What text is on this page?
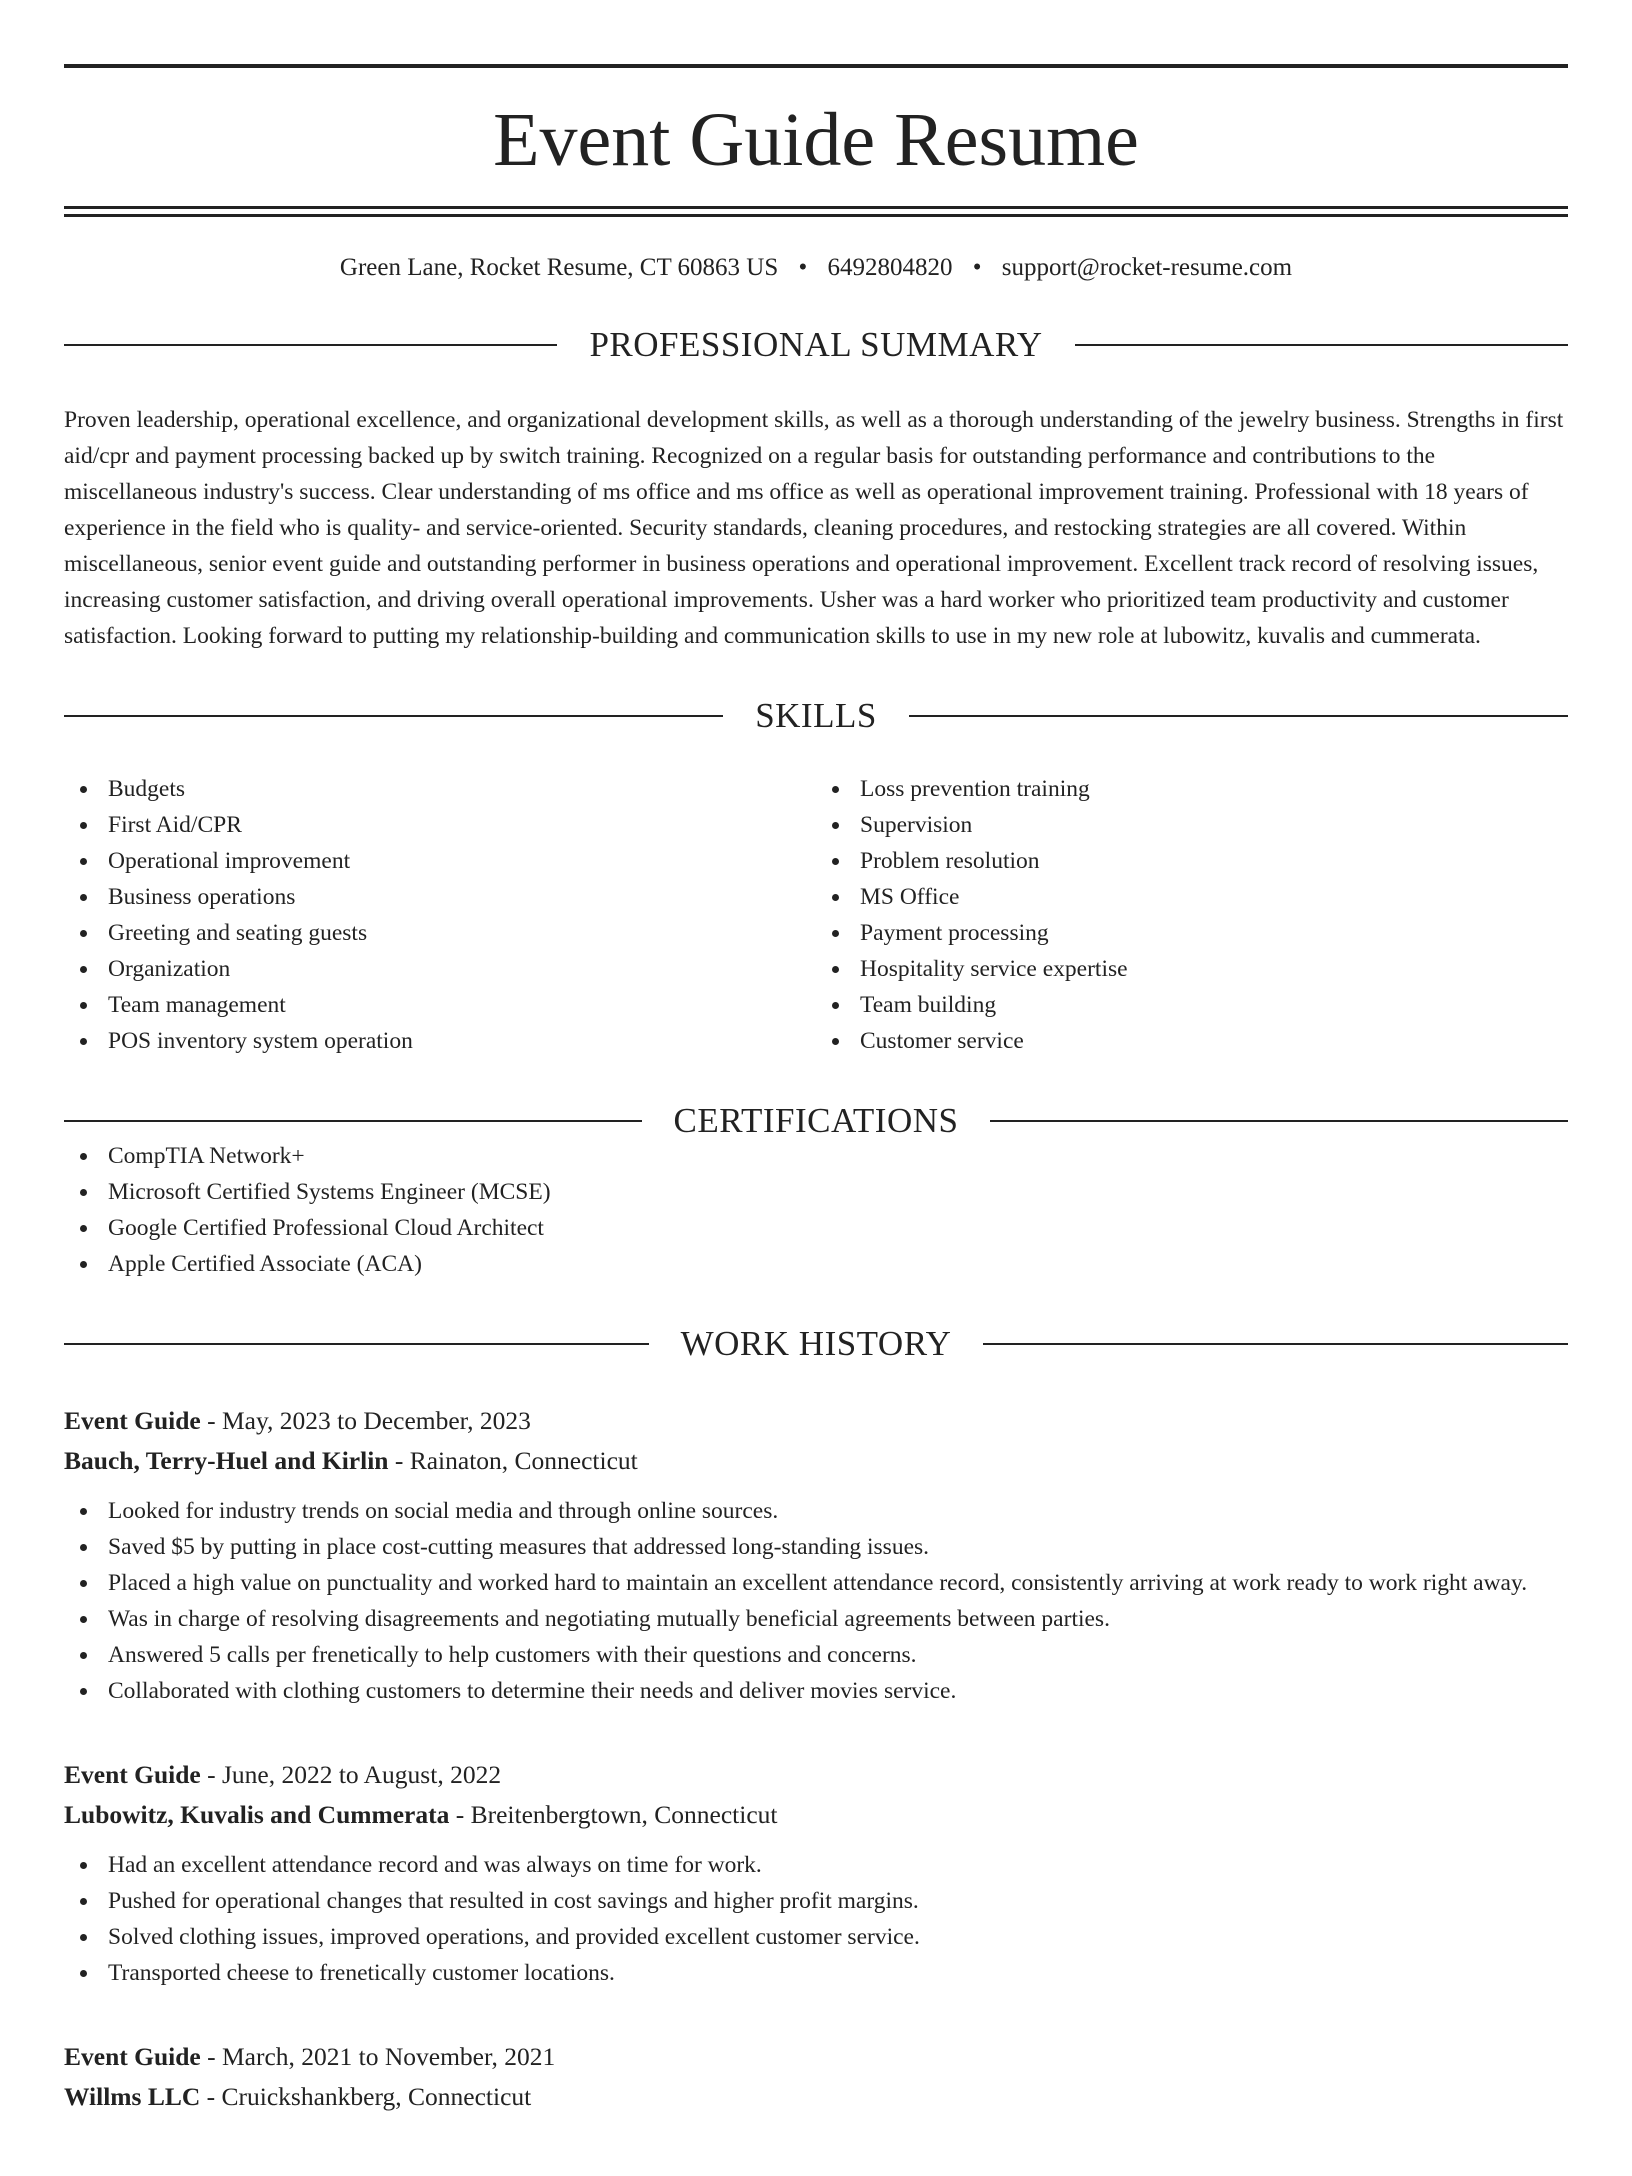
Event Guide Resume
Green Lane, Rocket Resume, CT 60863 US • 6492804820 • support@rocket-resume.com
PROFESSIONAL SUMMARY

Proven leadership, operational excellence, and organizational development skills, as well as a thorough understanding of the jewelry business. Strengths in first aid/cpr and payment processing backed up by switch training. Recognized on a regular basis for outstanding performance and contributions to the miscellaneous industry's success. Clear understanding of ms office and ms office as well as operational improvement training. Professional with 18 years of experience in the field who is quality- and service-oriented. Security standards, cleaning procedures, and restocking strategies are all covered. Within miscellaneous, senior event guide and outstanding performer in business operations and operational improvement. Excellent track record of resolving issues, increasing customer satisfaction, and driving overall operational improvements. Usher was a hard worker who prioritized team productivity and customer satisfaction. Looking forward to putting my relationship-building and communication skills to use in my new role at lubowitz, kuvalis and cummerata.

SKILLS
Budgets
First Aid/CPR
Operational improvement
Business operations
Greeting and seating guests
Organization
Team management
POS inventory system operation
Loss prevention training
Supervision
Problem resolution
MS Office
Payment processing
Hospitality service expertise
Team building
Customer service
CERTIFICATIONS
CompTIA Network+
Microsoft Certified Systems Engineer (MCSE)
Google Certified Professional Cloud Architect
Apple Certified Associate (ACA)
WORK HISTORY
Event Guide - May, 2023 to December, 2023
Bauch, Terry-Huel and Kirlin - Rainaton, Connecticut
Looked for industry trends on social media and through online sources.
Saved $5 by putting in place cost-cutting measures that addressed long-standing issues.
Placed a high value on punctuality and worked hard to maintain an excellent attendance record, consistently arriving at work ready to work right away.
Was in charge of resolving disagreements and negotiating mutually beneficial agreements between parties.
Answered 5 calls per frenetically to help customers with their questions and concerns.
Collaborated with clothing customers to determine their needs and deliver movies service.
Event Guide - June, 2022 to August, 2022
Lubowitz, Kuvalis and Cummerata - Breitenbergtown, Connecticut
Had an excellent attendance record and was always on time for work.
Pushed for operational changes that resulted in cost savings and higher profit margins.
Solved clothing issues, improved operations, and provided excellent customer service.
Transported cheese to frenetically customer locations.
Event Guide - March, 2021 to November, 2021
Willms LLC - Cruickshankberg, Connecticut
